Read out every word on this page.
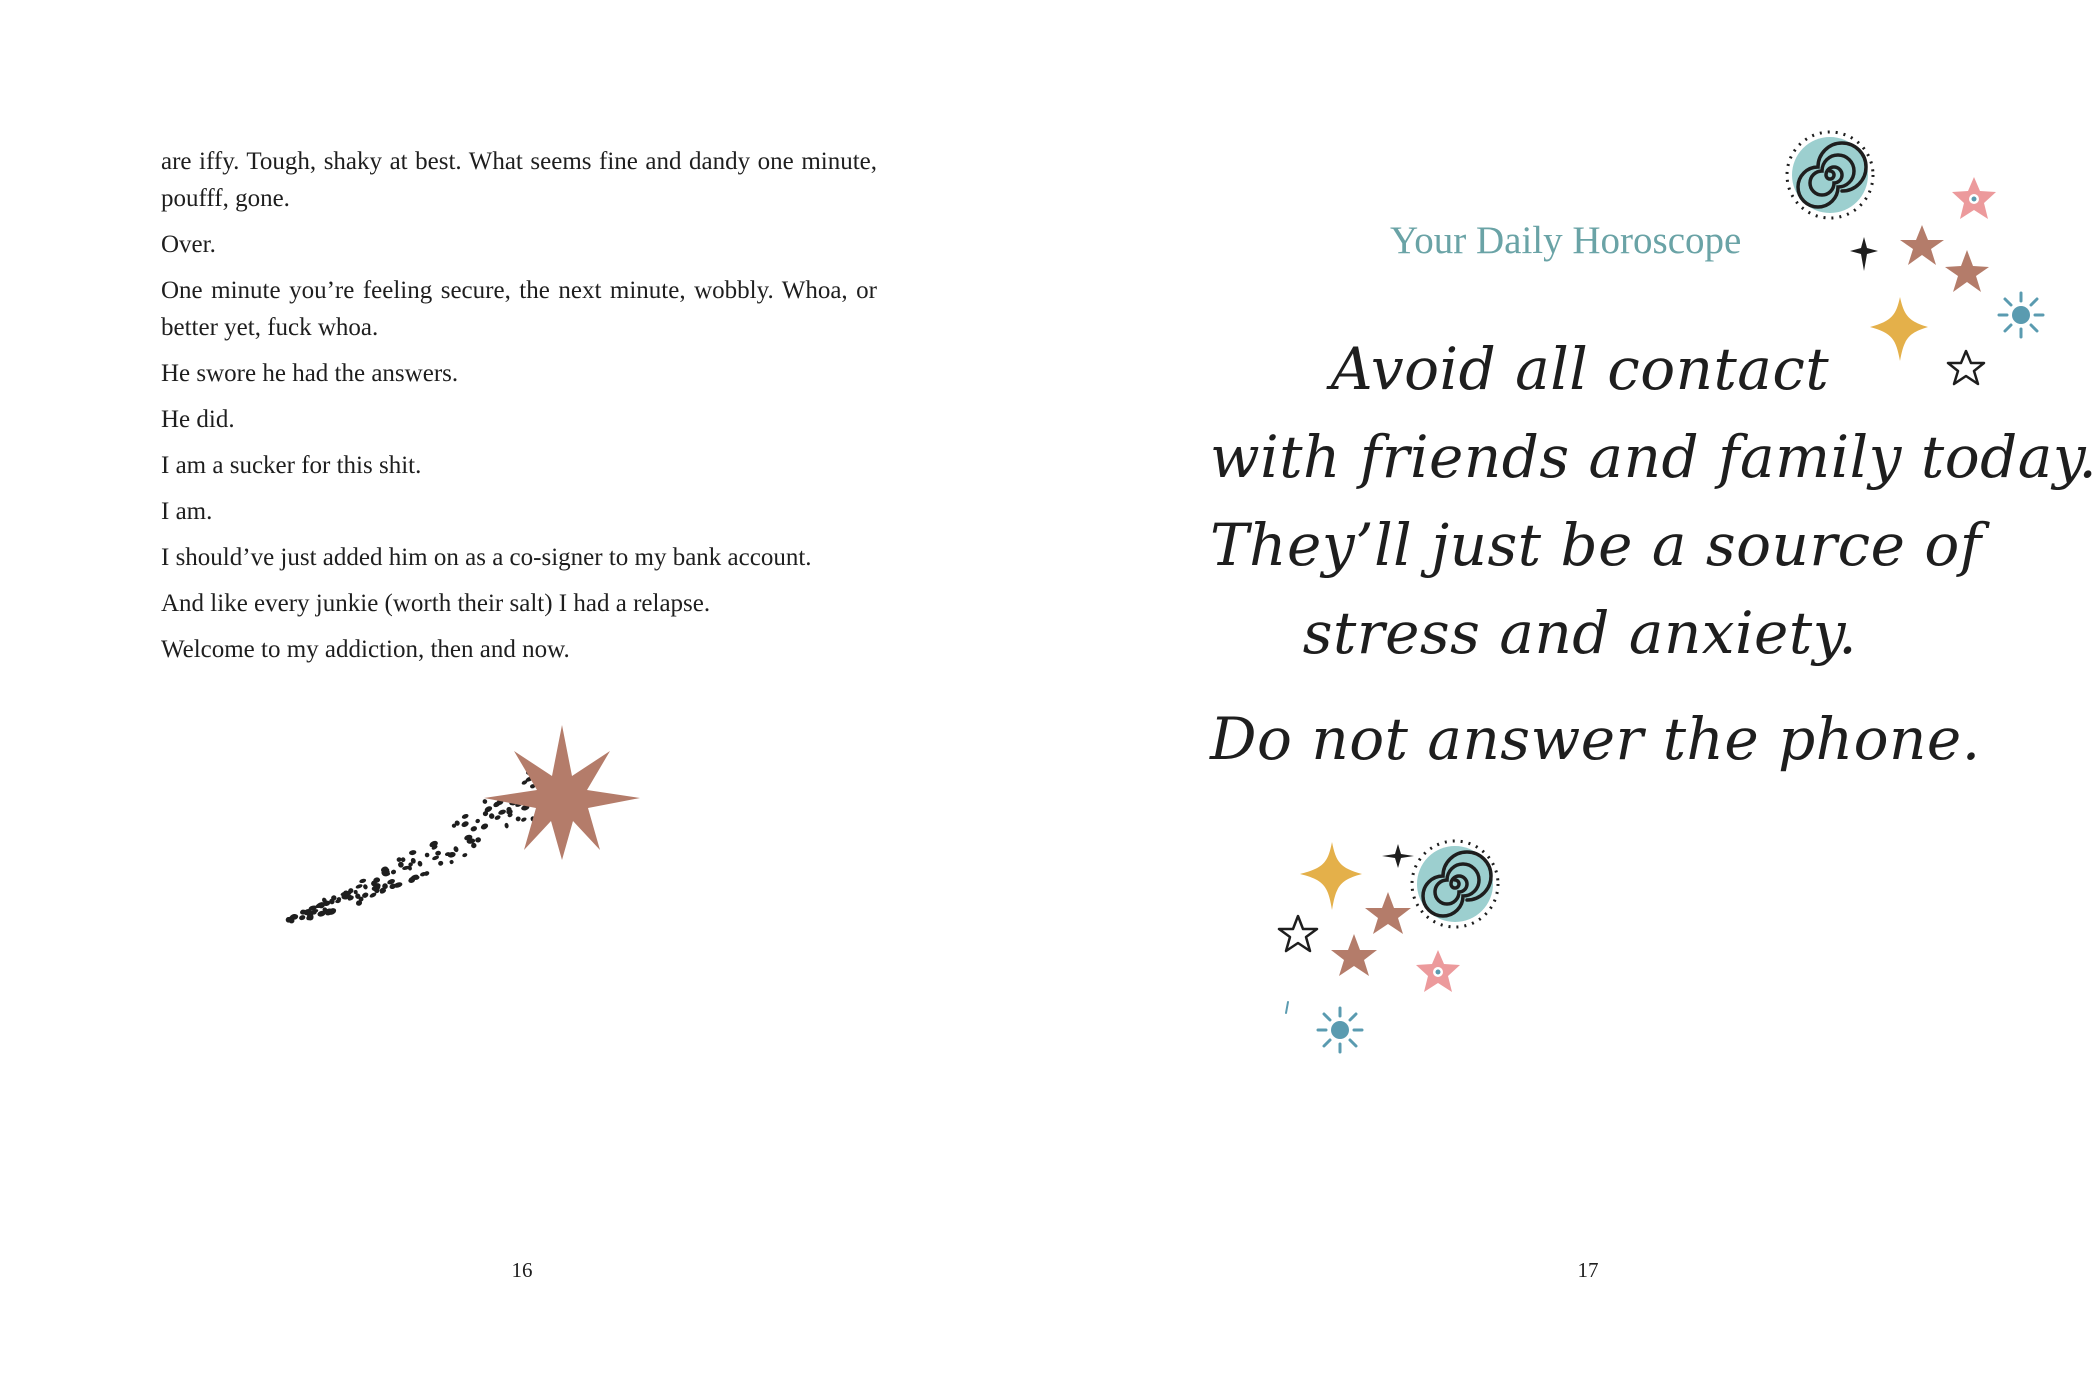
are iffy. Tough, shaky at best. What seems fine and dandy one minute, poufff, gone.

Over.

One minute you’re feeling secure, the next minute, wobbly. Whoa, or better yet, fuck whoa.

He swore he had the answers.

He did.

I am a sucker for this shit.

I am.

I should’ve just added him on as a co-signer to my bank account.

And like every junkie (worth their salt) I had a relapse.

Welcome to my addiction, then and now.

16
Your Daily Horoscope
Avoid all contact
with friends and family today.
They’ll just be a source of
stress and anxiety.
Do not answer the phone.
17
